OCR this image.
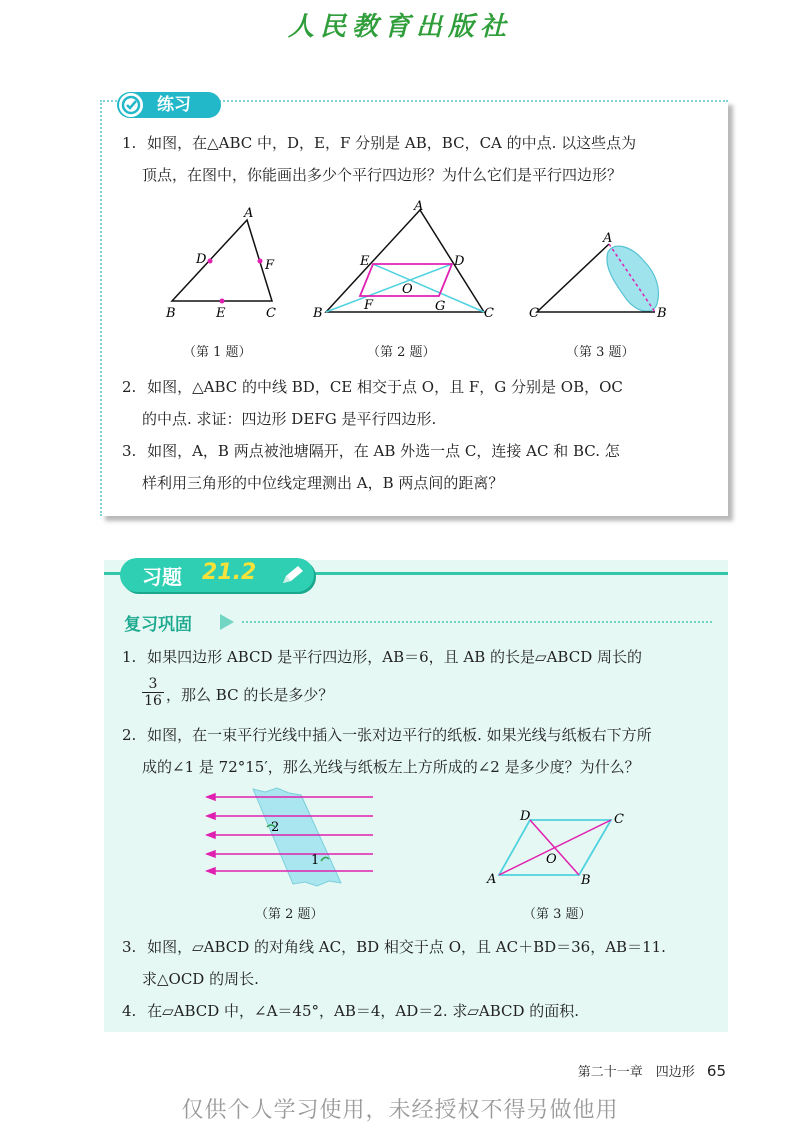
人民教育出版社
练习
1. 如图，在△ABC 中，D，E，F 分别是 AB，BC，CA 的中点. 以这些点为
顶点，在图中，你能画出多少个平行四边形？为什么它们是平行四边形？
A
B	C
D
E
F
（第 1 题）
A
B	C
D
E
F	G
O
（第 2 题）
A
C	B
（第 3 题）
2. 如图，△ABC 的中线 BD，CE 相交于点 O，且 F，G 分别是 OB，OC
的中点. 求证：四边形 DEFG 是平行四边形.
3. 如图，A，B 两点被池塘隔开，在 AB 外选一点 C，连接 AC 和 BC. 怎
样利用三角形的中位线定理测出 A，B 两点间的距离？
习题 21.2
复习巩固
1. 如果四边形 ABCD 是平行四边形，AB＝6，且 AB 的长是▱ABCD 周长的
$\frac{3}{16}$ ，那么 BC 的长是多少？
2. 如图，在一束平行光线中插入一张对边平行的纸板. 如果光线与纸板右下方所
成的∠1 是 72°15′，那么光线与纸板左上方所成的∠2 是多少度？为什么？
2
1
（第 2 题）
A	B
C
D
O
（第 3 题）
3. 如图，▱ABCD 的对角线 AC，BD 相交于点 O，且 AC＋BD＝36，AB＝11.
求△OCD 的周长.
4. 在▱ABCD 中，∠A＝45°，AB＝4，AD＝2. 求▱ABCD 的面积.
第二十一章　四边形 65
仅供个人学习使用，未经授权不得另做他用
